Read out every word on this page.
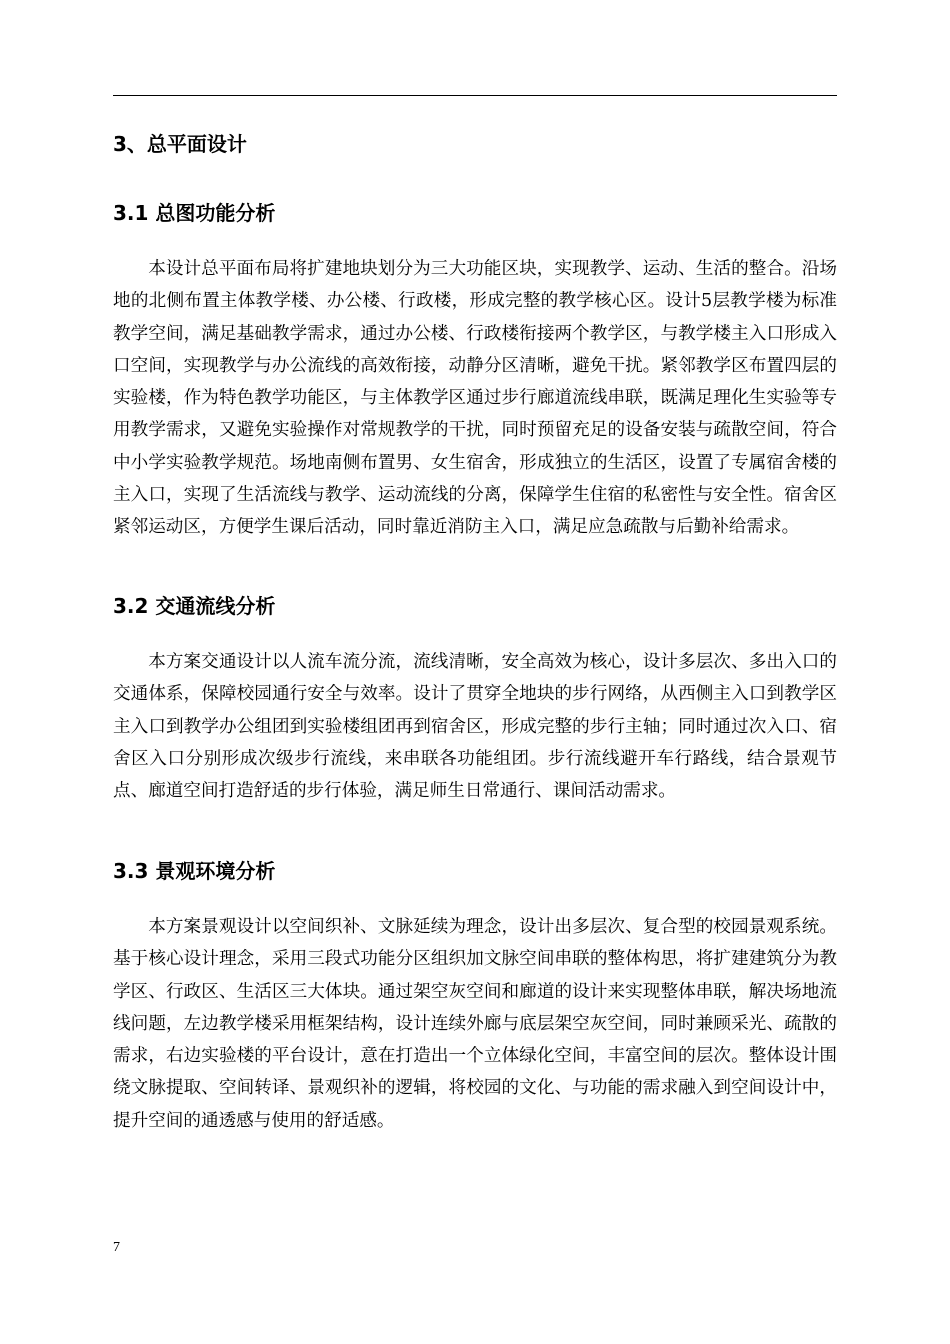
3、总平面设计
3.1 总图功能分析

本设计总平面布局将扩建地块划分为三大功能区块，实现教学、运动、生活的整合。沿场地的北侧布置主体教学楼、办公楼、行政楼，形成完整的教学核心区。设计5层教学楼为标准教学空间，满足基础教学需求，通过办公楼、行政楼衔接两个教学区，与教学楼主入口形成入口空间，实现教学与办公流线的高效衔接，动静分区清晰，避免干扰。紧邻教学区布置四层的实验楼，作为特色教学功能区，与主体教学区通过步行廊道流线串联，既满足理化生实验等专用教学需求，又避免实验操作对常规教学的干扰，同时预留充足的设备安装与疏散空间，符合中小学实验教学规范。场地南侧布置男、女生宿舍，形成独立的生活区，设置了专属宿舍楼的主入口，实现了生活流线与教学、运动流线的分离，保障学生住宿的私密性与安全性。宿舍区紧邻运动区，方便学生课后活动，同时靠近消防主入口，满足应急疏散与后勤补给需求。

3.2 交通流线分析

本方案交通设计以人流车流分流，流线清晰，安全高效为核心，设计多层次、多出入口的交通体系，保障校园通行安全与效率。设计了贯穿全地块的步行网络，从西侧主入口到教学区主入口到教学办公组团到实验楼组团再到宿舍区，形成完整的步行主轴；同时通过次入口、宿舍区入口分别形成次级步行流线，来串联各功能组团。步行流线避开车行路线，结合景观节点、廊道空间打造舒适的步行体验，满足师生日常通行、课间活动需求。

3.3 景观环境分析

本方案景观设计以空间织补、文脉延续为理念，设计出多层次、复合型的校园景观系统。基于核心设计理念，采用三段式功能分区组织加文脉空间串联的整体构思，将扩建建筑分为教学区、行政区、生活区三大体块。通过架空灰空间和廊道的设计来实现整体串联，解决场地流线问题，左边教学楼采用框架结构，设计连续外廊与底层架空灰空间，同时兼顾采光、疏散的需求，右边实验楼的平台设计，意在打造出一个立体绿化空间，丰富空间的层次。整体设计围绕文脉提取、空间转译、景观织补的逻辑，将校园的文化、与功能的需求融入到空间设计中，提升空间的通透感与使用的舒适感。

7
